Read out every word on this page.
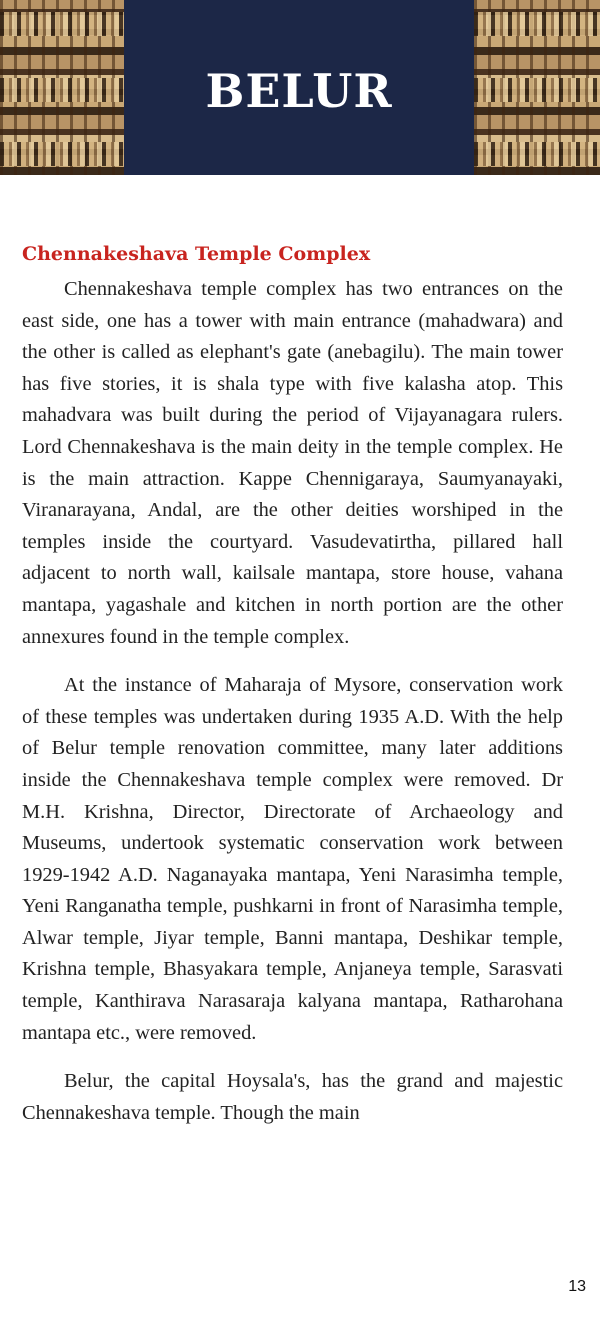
BELUR
Chennakeshava Temple Complex

Chennakeshava temple complex has two entrances on the east side, one has a tower with main entrance (mahadwara) and the other is called as elephant's gate (anebagilu). The main tower has five stories, it is shala type with five kalasha atop. This mahadvara was built during the period of Vijayanagara rulers. Lord Chennakeshava is the main deity in the temple complex. He is the main attraction. Kappe Chennigaraya, Saumyanayaki, Viranarayana, Andal, are the other deities worshiped in the temples inside the courtyard. Vasudevatirtha, pillared hall adjacent to north wall, kailsale mantapa, store house, vahana mantapa, yagashale and kitchen in north portion are the other annexures found in the temple complex.

At the instance of Maharaja of Mysore, conservation work of these temples was undertaken during 1935 A.D. With the help of Belur temple renovation committee, many later additions inside the Chennakeshava temple complex were removed. Dr M.H. Krishna, Director, Directorate of Archaeology and Museums, undertook systematic conservation work between 1929-1942 A.D. Naganayaka mantapa, Yeni Narasimha temple, Yeni Ranganatha temple, pushkarni in front of Narasimha temple, Alwar temple, Jiyar temple, Banni mantapa, Deshikar temple, Krishna temple, Bhasyakara temple, Anjaneya temple, Sarasvati temple, Kanthirava Narasaraja kalyana mantapa, Ratharohana mantapa etc., were removed.

Belur, the capital Hoysala's, has the grand and majestic Chennakeshava temple. Though the main

13
